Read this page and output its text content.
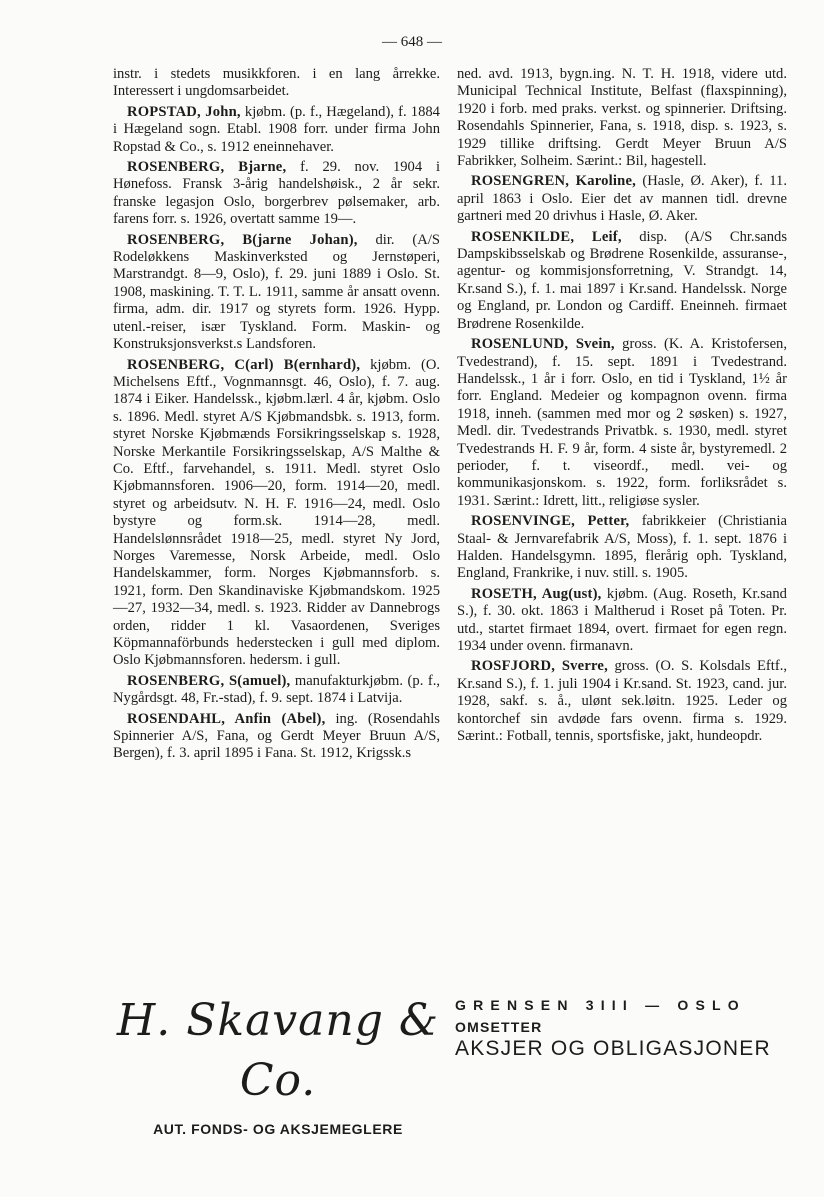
— 648 —

instr. i stedets musikkforen. i en lang årrekke. Interessert i ungdomsarbeidet.

ROPSTAD, John, kjøbm. (p. f., Hægeland), f. 1884 i Hægeland sogn. Etabl. 1908 forr. under firma John Ropstad & Co., s. 1912 eneinnehaver.

ROSENBERG, Bjarne, f. 29. nov. 1904 i Hønefoss. Fransk 3-årig handelshøisk., 2 år sekr. franske legasjon Oslo, borgerbrev pølsemaker, arb. farens forr. s. 1926, overtatt samme 19—.

ROSENBERG, B(jarne Johan), dir. (A/S Rodeløkkens Maskinverksted og Jernstøperi, Marstrandgt. 8—9, Oslo), f. 29. juni 1889 i Oslo. St. 1908, maskining. T. T. L. 1911, samme år ansatt ovenn. firma, adm. dir. 1917 og styrets form. 1926. Hypp. utenl.-reiser, især Tyskland. Form. Maskin- og Konstruksjonsverkst.s Landsforen.

ROSENBERG, C(arl) B(ernhard), kjøbm. (O. Michelsens Eftf., Vognmannsgt. 46, Oslo), f. 7. aug. 1874 i Eiker. Handelssk., kjøbm.lærl. 4 år, kjøbm. Oslo s. 1896. Medl. styret A/S Kjøbmandsbk. s. 1913, form. styret Norske Kjøbmænds Forsikringsselskap s. 1928, Norske Merkantile Forsikringsselskap, A/S Malthe & Co. Eftf., farvehandel, s. 1911. Medl. styret Oslo Kjøbmannsforen. 1906—20, form. 1914—20, medl. styret og arbeidsutv. N. H. F. 1916—24, medl. Oslo bystyre og form.sk. 1914—28, medl. Handelslønnsrådet 1918—25, medl. styret Ny Jord, Norges Varemesse, Norsk Arbeide, medl. Oslo Handelskammer, form. Norges Kjøbmannsforb. s. 1921, form. Den Skandinaviske Kjøbmandskom. 1925—27, 1932—34, medl. s. 1923. Ridder av Dannebrogs orden, ridder 1 kl. Vasaordenen, Sveriges Köpmannaförbunds hederstecken i gull med diplom. Oslo Kjøbmannsforen. hedersm. i gull.

ROSENBERG, S(amuel), manufakturkjøbm. (p. f., Nygårdsgt. 48, Fr.-stad), f. 9. sept. 1874 i Latvija.

ROSENDAHL, Anfin (Abel), ing. (Rosendahls Spinnerier A/S, Fana, og Gerdt Meyer Bruun A/S, Bergen), f. 3. april 1895 i Fana. St. 1912, Krigssk.s

ned. avd. 1913, bygn.ing. N. T. H. 1918, videre utd. Municipal Technical Institute, Belfast (flaxspinning), 1920 i forb. med praks. verkst. og spinnerier. Driftsing. Rosendahls Spinnerier, Fana, s. 1918, disp. s. 1923, s. 1929 tillike driftsing. Gerdt Meyer Bruun A/S Fabrikker, Solheim. Særint.: Bil, hagestell.

ROSENGREN, Karoline, (Hasle, Ø. Aker), f. 11. april 1863 i Oslo. Eier det av mannen tidl. drevne gartneri med 20 drivhus i Hasle, Ø. Aker.

ROSENKILDE, Leif, disp. (A/S Chr.sands Dampskibsselskab og Brødrene Rosenkilde, assuranse-, agentur- og kommisjonsforretning, V. Strandgt. 14, Kr.sand S.), f. 1. mai 1897 i Kr.sand. Handelssk. Norge og England, pr. London og Cardiff. Eneinneh. firmaet Brødrene Rosenkilde.

ROSENLUND, Svein, gross. (K. A. Kristofersen, Tvedestrand), f. 15. sept. 1891 i Tvedestrand. Handelssk., 1 år i forr. Oslo, en tid i Tyskland, 1½ år forr. England. Medeier og kompagnon ovenn. firma 1918, inneh. (sammen med mor og 2 søsken) s. 1927, Medl. dir. Tvedestrands Privatbk. s. 1930, medl. styret Tvedestrands H. F. 9 år, form. 4 siste år, bystyremedl. 2 perioder, f. t. viseordf., medl. vei- og kommunikasjonskom. s. 1922, form. forliksrådet s. 1931. Særint.: Idrett, litt., religiøse sysler.

ROSENVINGE, Petter, fabrikkeier (Christiania Staal- & Jernvarefabrik A/S, Moss), f. 1. sept. 1876 i Halden. Handelsgymn. 1895, flerårig oph. Tyskland, England, Frankrike, i nuv. still. s. 1905.

ROSETH, Aug(ust), kjøbm. (Aug. Roseth, Kr.sand S.), f. 30. okt. 1863 i Maltherud i Roset på Toten. Pr. utd., startet firmaet 1894, overt. firmaet for egen regn. 1934 under ovenn. firmanavn.

ROSFJORD, Sverre, gross. (O. S. Kolsdals Eftf., Kr.sand S.), f. 1. juli 1904 i Kr.sand. St. 1923, cand. jur. 1928, sakf. s. å., ulønt sek.løitn. 1925. Leder og kontorchef sin avdøde fars ovenn. firma s. 1929. Særint.: Fotball, tennis, sportsfiske, jakt, hundeopdr.

H. Skavang & Co.
AUT. FONDS- OG AKSJEMEGLERE
GRENSEN 3III — OSLO
OMSETTER
AKSJER OG OBLIGASJONER
